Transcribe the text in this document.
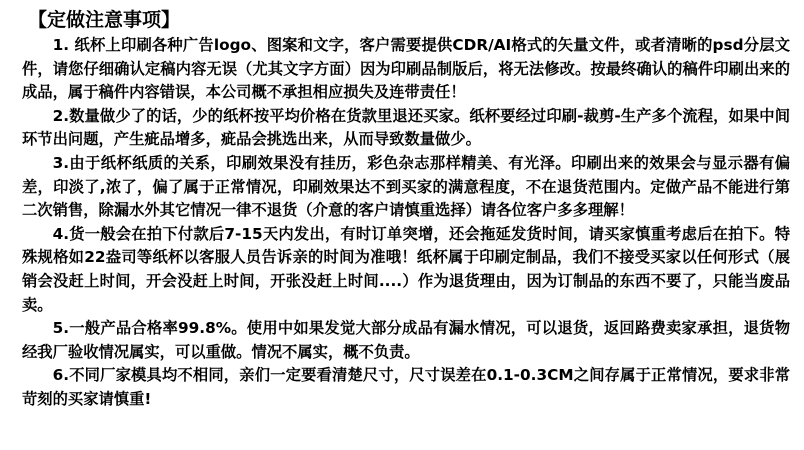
【定做注意事项】

1. 纸杯上印刷各种广告logo、图案和文字，客户需要提供CDR/AI格式的矢量文件，或者清晰的psd分层文件，请您仔细确认定稿内容无误（尤其文字方面）因为印刷品制版后，将无法修改。按最终确认的稿件印刷出来的成品，属于稿件内容错误，本公司概不承担相应损失及连带责任！

2.数量做少了的话，少的纸杯按平均价格在货款里退还买家。纸杯要经过印刷-裁剪-生产多个流程，如果中间环节出问题，产生疵品增多，疵品会挑选出来，从而导致数量做少。

3.由于纸杯纸质的关系，印刷效果没有挂历，彩色杂志那样精美、有光泽。印刷出来的效果会与显示器有偏差，印淡了,浓了，偏了属于正常情况，印刷效果达不到买家的满意程度，不在退货范围内。定做产品不能进行第二次销售，除漏水外其它情况一律不退货（介意的客户请慎重选择）请各位客户多多理解！

4.货一般会在拍下付款后7-15天内发出，有时订单突增，还会拖延发货时间，请买家慎重考虑后在拍下。特殊规格如22盎司等纸杯以客服人员告诉亲的时间为准哦！纸杯属于印刷定制品，我们不接受买家以任何形式（展销会没赶上时间，开会没赶上时间，开张没赶上时间....）作为退货理由，因为订制品的东西不要了，只能当废品卖。

5.一般产品合格率99.8%。使用中如果发觉大部分成品有漏水情况，可以退货，返回路费卖家承担，退货物经我厂验收情况属实，可以重做。情况不属实，概不负责。

6.不同厂家模具均不相同，亲们一定要看清楚尺寸，尺寸误差在0.1-0.3CM之间存属于正常情况，要求非常苛刻的买家请慎重!
